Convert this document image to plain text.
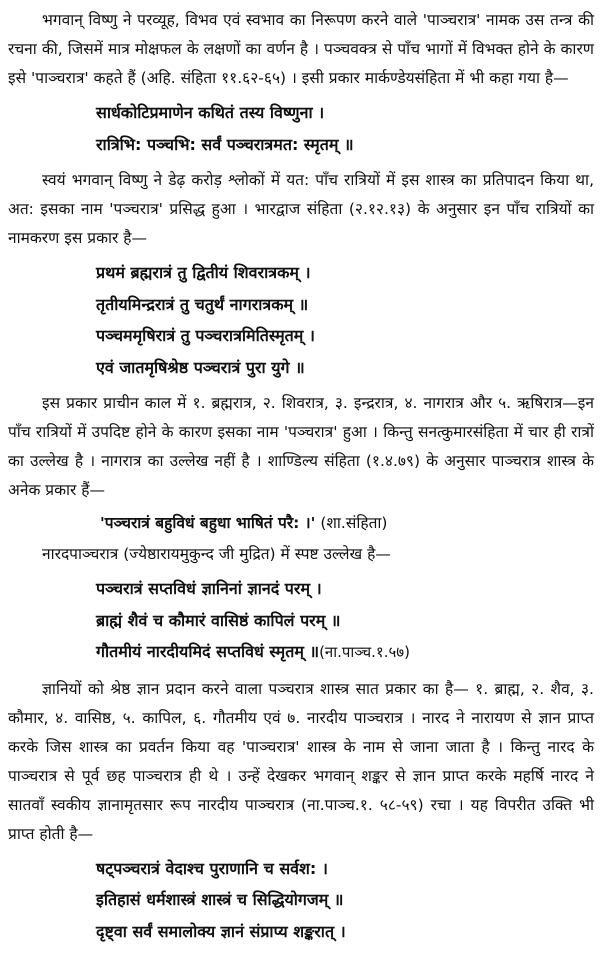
भगवान् विष्णु ने परव्यूह, विभव एवं स्वभाव का निरूपण करने वाले 'पाञ्चरात्र' नामक उस तन्त्र की रचना की, जिसमें मात्र मोक्षफल के लक्षणों का वर्णन है । पञ्चवक्त्र से पाँच भागों में विभक्त होने के कारण इसे 'पाञ्चरात्र' कहते हैं (अहि. संहिता ११.६२-६५) । इसी प्रकार मार्कण्डेयसंहिता में भी कहा गया है—

सार्धकोटिप्रमाणेन कथितं तस्य विष्णुना ।
रात्रिभि: पञ्चभि: सर्वं पञ्चरात्रमत: स्मृतम् ॥

स्वयं भगवान् विष्णु ने डेढ़ करोड़ श्लोकों में यत: पाँच रात्रियों में इस शास्त्र का प्रतिपादन किया था, अत: इसका नाम 'पञ्चरात्र' प्रसिद्ध हुआ । भारद्वाज संहिता (२.१२.१३) के अनुसार इन पाँच रात्रियों का नामकरण इस प्रकार है—

प्रथमं ब्रह्मरात्रं तु द्वितीयं शिवरात्रकम् ।
तृतीयमिन्द्ररात्रं तु चतुर्थं नागरात्रकम् ॥
पञ्चममृषिरात्रं तु पञ्चरात्रमितिस्मृतम् ।
एवं जातमृषिश्रेष्ठ पञ्चरात्रं पुरा युगे ॥

इस प्रकार प्राचीन काल में १. ब्रह्मरात्र, २. शिवरात्र, ३. इन्द्ररात्र, ४. नागरात्र और ५. ऋषिरात्र—इन पाँच रात्रियों में उपदिष्ट होने के कारण इसका नाम 'पञ्चरात्र' हुआ । किन्तु सनत्कुमारसंहिता में चार ही रात्रों का उल्लेख है । नागरात्र का उल्लेख नहीं है । शाण्डिल्य संहिता (१.४.७९) के अनुसार पाञ्चरात्र शास्त्र के अनेक प्रकार हैं—

'पञ्चरात्रं बहुविधं बहुधा भाषितं परै: ।' (शा.संहिता)

नारदपाञ्चरात्र (ज्येष्ठारायमुकुन्द जी मुद्रित) में स्पष्ट उल्लेख है—

पञ्चरात्रं सप्तविधं ज्ञानिनां ज्ञानदं परम् ।
ब्राह्मं शैवं च कौमारं वासिष्ठं कापिलं परम् ॥
गौतमीयं नारदीयमिदं सप्तविधं स्मृतम् ॥(ना.पाञ्च.१.५७)

ज्ञानियों को श्रेष्ठ ज्ञान प्रदान करने वाला पञ्चरात्र शास्त्र सात प्रकार का है— १. ब्राह्म, २. शैव, ३. कौमार, ४. वासिष्ठ, ५. कापिल, ६. गौतमीय एवं ७. नारदीय पाञ्चरात्र । नारद ने नारायण से ज्ञान प्राप्त करके जिस शास्त्र का प्रवर्तन किया वह 'पाञ्चरात्र' शास्त्र के नाम से जाना जाता है । किन्तु नारद के पाञ्चरात्र से पूर्व छह पाञ्चरात्र ही थे । उन्हें देखकर भगवान् शङ्कर से ज्ञान प्राप्त करके महर्षि नारद ने सातवाँ स्वकीय ज्ञानामृतसार रूप नारदीय पाञ्चरात्र (ना.पाञ्च.१. ५८-५९) रचा । यह विपरीत उक्ति भी प्राप्त होती है—

षट्पञ्चरात्रं वेदाश्च पुराणानि च सर्वश: ।
इतिहासं धर्मशास्त्रं शास्त्रं च सिद्धियोगजम् ॥
दृष्ट्वा सर्वं समालोक्य ज्ञानं संप्राप्य शङ्करात् ।
